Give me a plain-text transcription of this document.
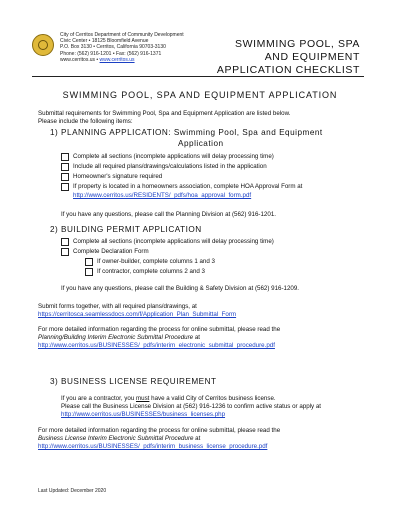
City of Cerritos Department of Community Development
Civic Center • 18125 Bloomfield Avenue
P.O. Box 3130 • Cerritos, California 90703-3130
Phone: (562) 916-1201 • Fax: (562) 916-1371
www.cerritos.us • www.cerritos.us
SWIMMING POOL, SPA
AND EQUIPMENT
APPLICATION CHECKLIST
SWIMMING POOL, SPA AND EQUIPMENT APPLICATION
Submittal requirements for Swimming Pool, Spa and Equipment Application are listed below.
Please include the following items:
1) PLANNING APPLICATION: Swimming Pool, Spa and Equipment
Application
Complete all sections (incomplete applications will delay processing time)
Include all required plans/drawings/calculations listed in the application
Homeowner's signature required
If property is located in a homeowners association, complete HOA Approval Form at
http://www.cerritos.us/RESIDENTS/_pdfs/hoa_approval_form.pdf
If you have any questions, please call the Planning Division at (562) 916-1201.
2) BUILDING PERMIT APPLICATION
Complete all sections (incomplete applications will delay processing time)
Complete Declaration Form
If owner-builder, complete columns 1 and 3
If contractor, complete columns 2 and 3
If you have any questions, please call the Building & Safety Division at (562) 916-1209.
Submit forms together, with all required plans/drawings, at
https://cerritosca.seamlessdocs.com/f/Application_Plan_Submittal_Form
For more detailed information regarding the process for online submittal, please read the
Planning/Building Interim Electronic Submittal Procedure at
http://www.cerritos.us/BUSINESSES/_pdfs/interim_electronic_submittal_procedure.pdf
3) BUSINESS LICENSE REQUIREMENT
If you are a contractor, you must have a valid City of Cerritos business license.
Please call the Business License Division at (562) 916-1236 to confirm active status or apply at
http://www.cerritos.us/BUSINESSES/business_licenses.php
For more detailed information regarding the process for online submittal, please read the
Business License Interim Electronic Submittal Procedure at
http://www.cerritos.us/BUSINESSES/_pdfs/interim_business_license_procedure.pdf
Last Updated: December 2020
